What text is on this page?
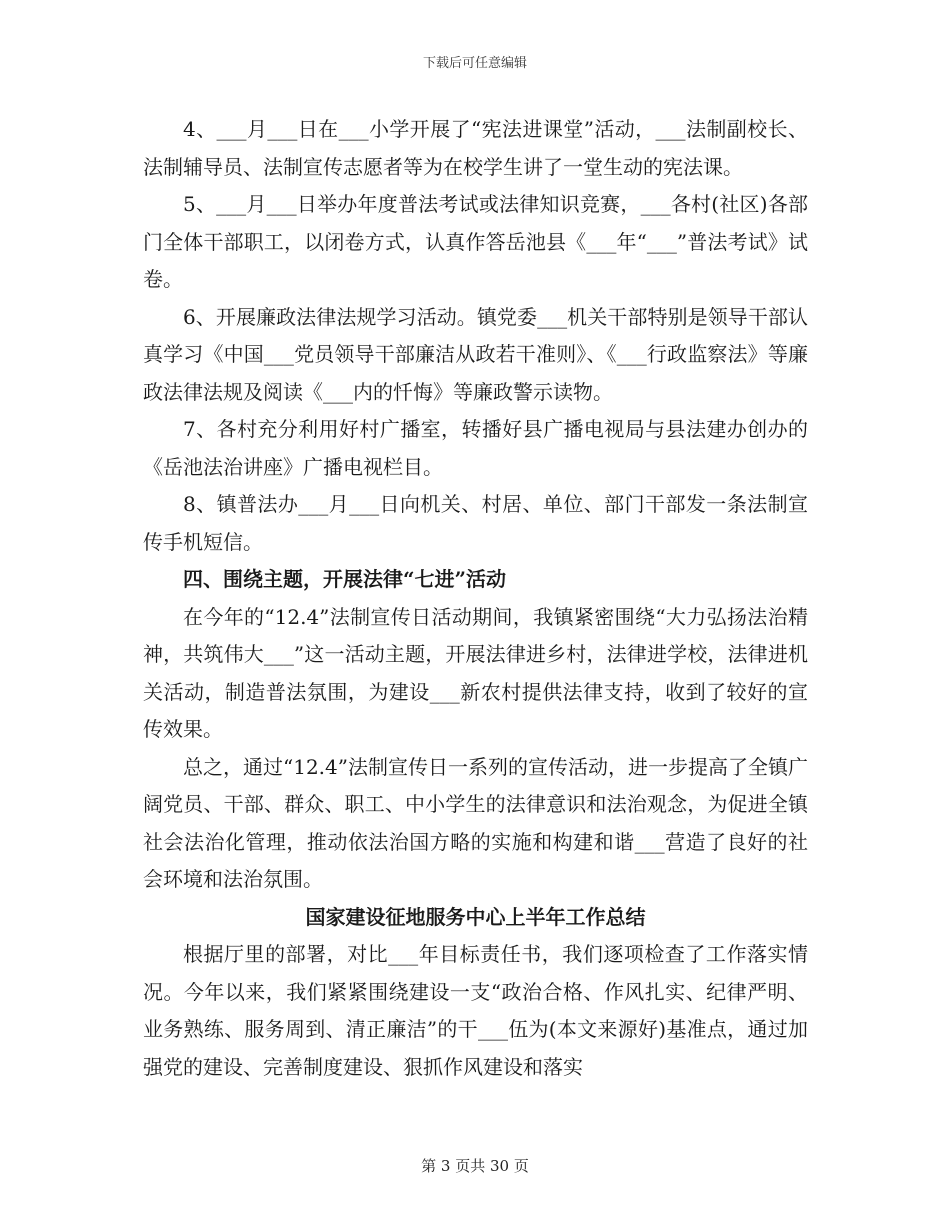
下载后可任意编辑

4、___月___日在___小学开展了“宪法进课堂”活动，___法制副校长、法制辅导员、法制宣传志愿者等为在校学生讲了一堂生动的宪法课。

5、___月___日举办年度普法考试或法律知识竞赛，___各村(社区)各部门全体干部职工，以闭卷方式，认真作答岳池县《___年“___”普法考试》试卷。

6、开展廉政法律法规学习活动。镇党委___机关干部特别是领导干部认真学习《中国___党员领导干部廉洁从政若干准则》、《___行政监察法》等廉政法律法规及阅读《___内的忏悔》等廉政警示读物。

7、各村充分利用好村广播室，转播好县广播电视局与县法建办创办的《岳池法治讲座》广播电视栏目。

8、镇普法办___月___日向机关、村居、单位、部门干部发一条法制宣传手机短信。

四、围绕主题，开展法律“七进”活动

在今年的“12.4”法制宣传日活动期间，我镇紧密围绕“大力弘扬法治精神，共筑伟大___”这一活动主题，开展法律进乡村，法律进学校，法律进机关活动，制造普法氛围，为建设___新农村提供法律支持，收到了较好的宣传效果。

总之，通过“12.4”法制宣传日一系列的宣传活动，进一步提高了全镇广阔党员、干部、群众、职工、中小学生的法律意识和法治观念，为促进全镇社会法治化管理，推动依法治国方略的实施和构建和谐___营造了良好的社会环境和法治氛围。

国家建设征地服务中心上半年工作总结

根据厅里的部署，对比___年目标责任书，我们逐项检查了工作落实情况。今年以来，我们紧紧围绕建设一支“政治合格、作风扎实、纪律严明、业务熟练、服务周到、清正廉洁”的干___伍为(本文来源好)基准点，通过加强党的建设、完善制度建设、狠抓作风建设和落实

第 3 页共 30 页
